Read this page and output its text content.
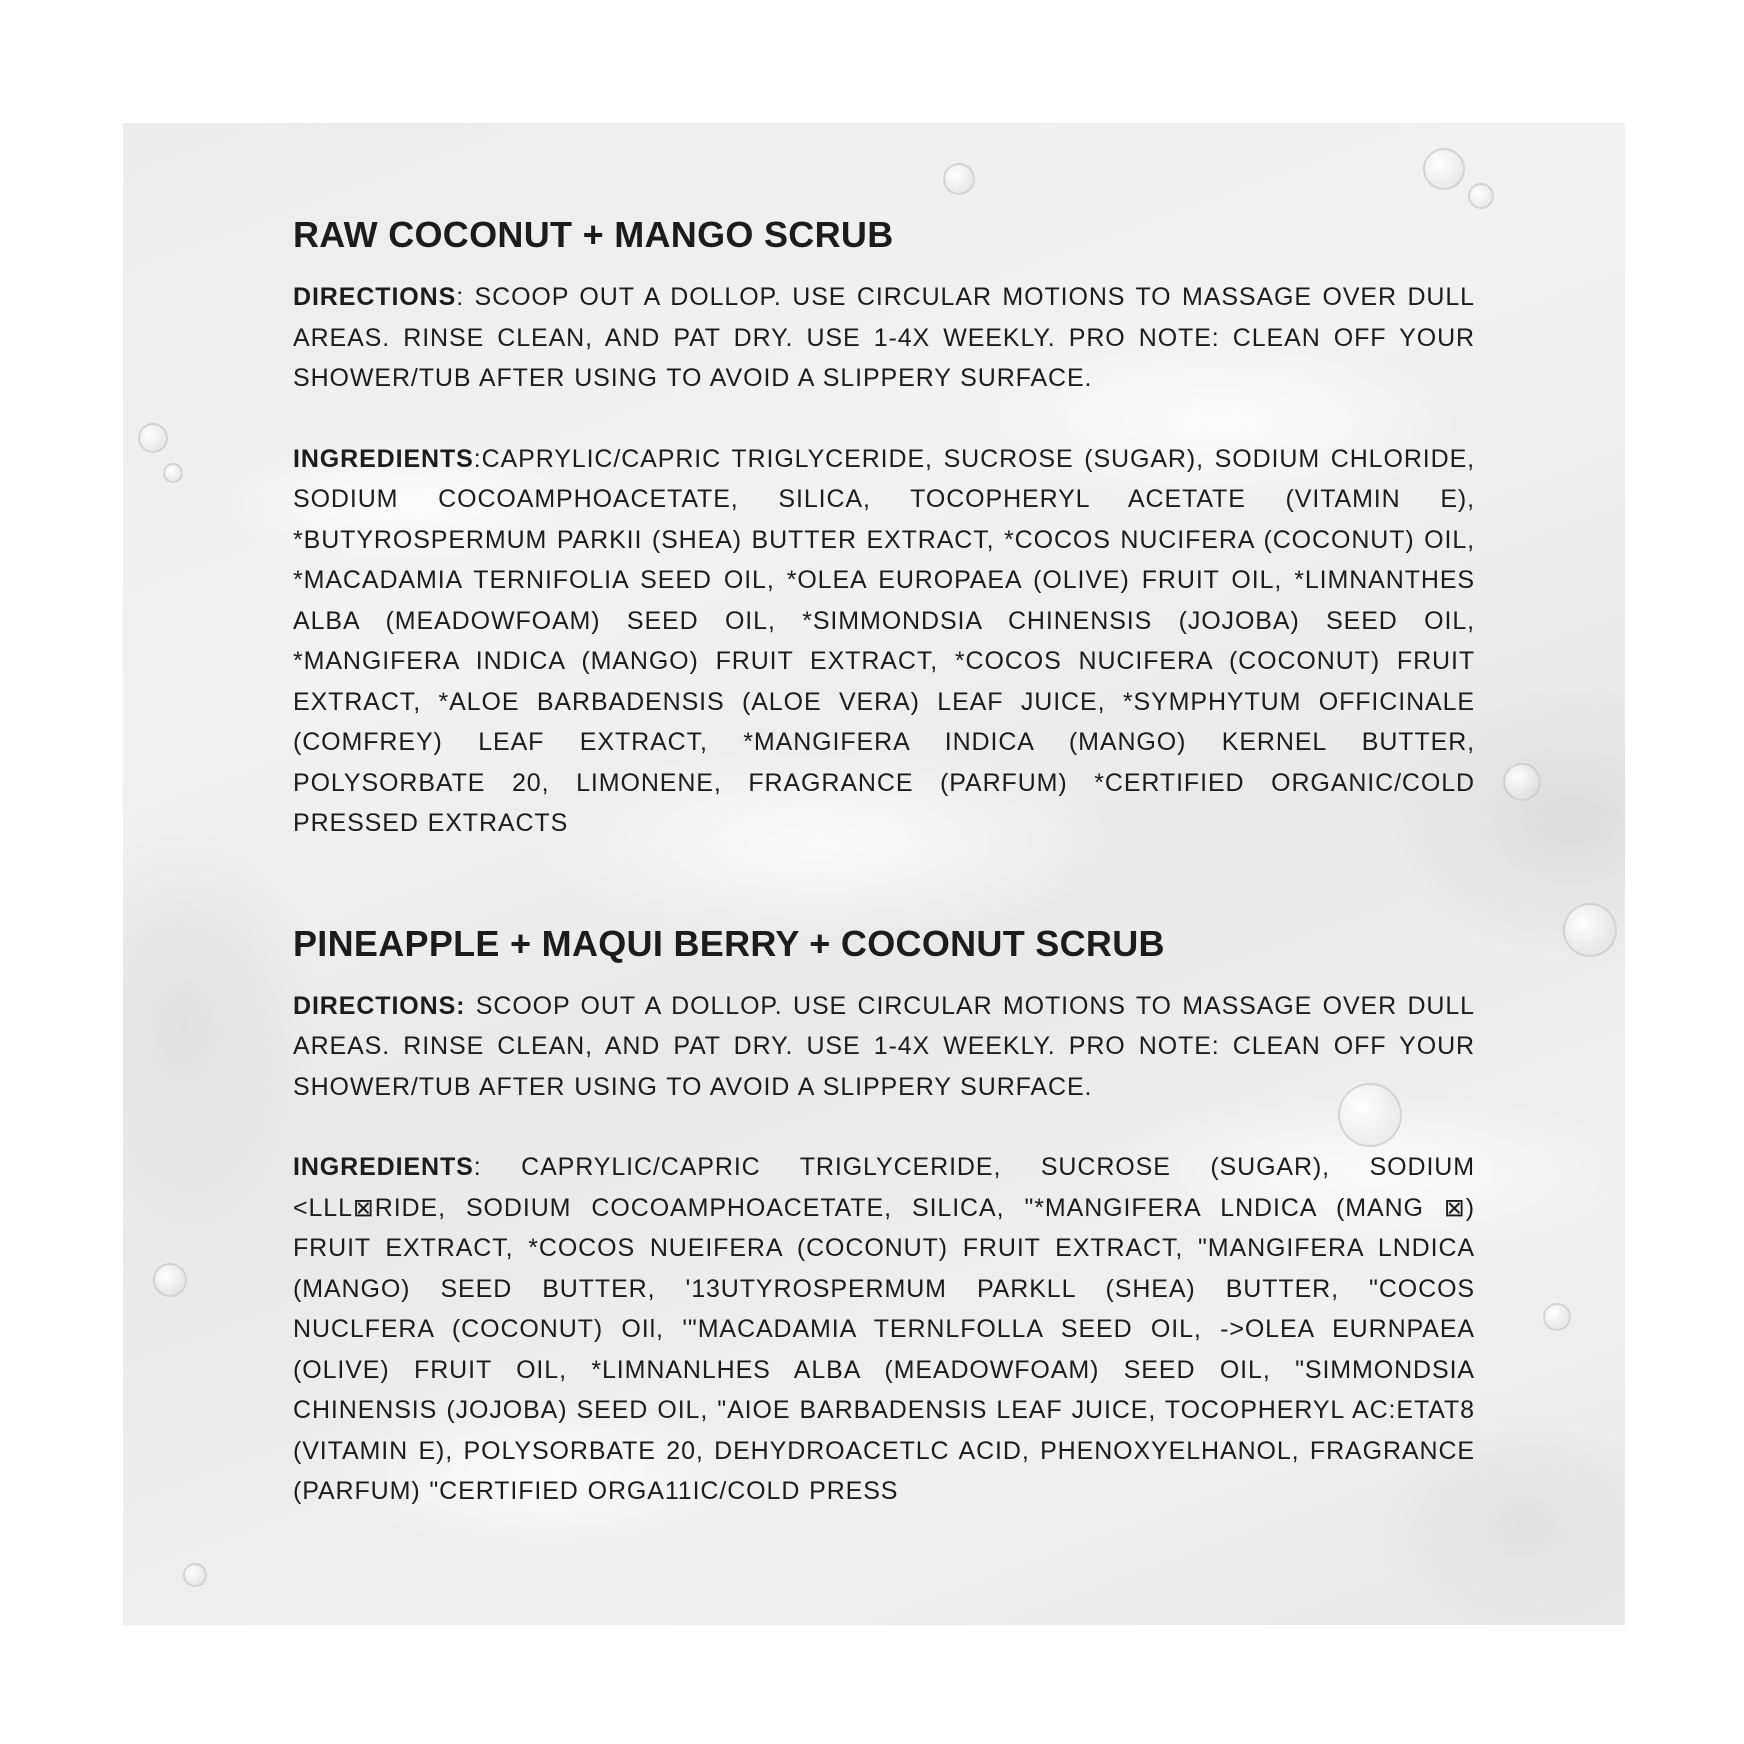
RAW COCONUT + MANGO SCRUB

DIRECTIONS: SCOOP OUT A DOLLOP. USE CIRCULAR MOTIONS TO MASSAGE OVER DULL AREAS. RINSE CLEAN, AND PAT DRY. USE 1-4X WEEKLY. PRO NOTE: CLEAN OFF YOUR SHOWER/TUB AFTER USING TO AVOID A SLIPPERY SURFACE.

INGREDIENTS:CAPRYLIC/CAPRIC TRIGLYCERIDE, SUCROSE (SUGAR), SODIUM CHLORIDE, SODIUM COCOAMPHOACETATE, SILICA, TOCOPHERYL ACETATE (VITAMIN E), *BUTYROSPERMUM PARKII (SHEA) BUTTER EXTRACT, *COCOS NUCIFERA (COCONUT) OIL, *MACADAMIA TERNIFOLIA SEED OIL, *OLEA EUROPAEA (OLIVE) FRUIT OIL, *LIMNANTHES ALBA (MEADOWFOAM) SEED OIL, *SIMMONDSIA CHINENSIS (JOJOBA) SEED OIL, *MANGIFERA INDICA (MANGO) FRUIT EXTRACT, *COCOS NUCIFERA (COCONUT) FRUIT EXTRACT, *ALOE BARBADENSIS (ALOE VERA) LEAF JUICE, *SYMPHYTUM OFFICINALE (COMFREY) LEAF EXTRACT, *MANGIFERA INDICA (MANGO) KERNEL BUTTER, POLYSORBATE 20, LIMONENE, FRAGRANCE (PARFUM) *CERTIFIED ORGANIC/COLD PRESSED EXTRACTS

PINEAPPLE + MAQUI BERRY + COCONUT SCRUB

DIRECTIONS: SCOOP OUT A DOLLOP. USE CIRCULAR MOTIONS TO MASSAGE OVER DULL AREAS. RINSE CLEAN, AND PAT DRY. USE 1-4X WEEKLY. PRO NOTE: CLEAN OFF YOUR SHOWER/TUB AFTER USING TO AVOID A SLIPPERY SURFACE.

INGREDIENTS: CAPRYLIC/CAPRIC TRIGLYCERIDE, SUCROSE (SUGAR), SODIUM <LLL⊠RIDE, SODIUM COCOAMPHOACETATE, SILICA, "*MANGIFERA LNDICA (MANG ⊠) FRUIT EXTRACT, *COCOS NUEIFERA (COCONUT) FRUIT EXTRACT, "MANGIFERA LNDICA (MANGO) SEED BUTTER, '13UTYROSPERMUM PARKLL (SHEA) BUTTER, "COCOS NUCLFERA (COCONUT) OIl, '"MACADAMIA TERNLFOLLA SEED OIL, ->OLEA EURNPAEA (OLIVE) FRUIT OIL, *LIMNANLHES ALBA (MEADOWFOAM) SEED OIL, "SIMMONDSIA CHINENSIS (JOJOBA) SEED OIL, "AIOE BARBADENSIS LEAF JUICE, TOCOPHERYL AC:ETAT8 (VITAMIN E), POLYSORBATE 20, DEHYDROACETLC ACID, PHENOXYELHANOL, FRAGRANCE (PARFUM) "CERTIFIED ORGA11IC/COLD PRESS
